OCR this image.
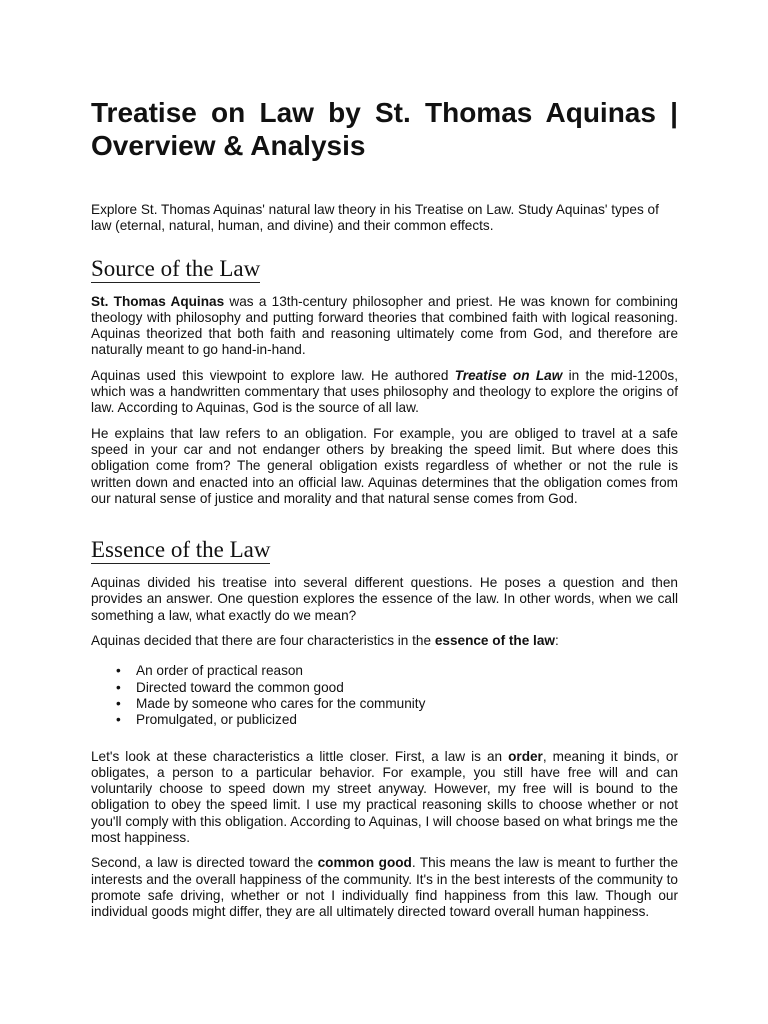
Treatise on Law by St. Thomas Aquinas | Overview & Analysis

Explore St. Thomas Aquinas' natural law theory in his Treatise on Law. Study Aquinas' types of law (eternal, natural, human, and divine) and their common effects.

Source of the Law

St. Thomas Aquinas was a 13th-century philosopher and priest. He was known for combining theology with philosophy and putting forward theories that combined faith with logical reasoning. Aquinas theorized that both faith and reasoning ultimately come from God, and therefore are naturally meant to go hand-in-hand.

Aquinas used this viewpoint to explore law. He authored Treatise on Law in the mid-1200s, which was a handwritten commentary that uses philosophy and theology to explore the origins of law. According to Aquinas, God is the source of all law.

He explains that law refers to an obligation. For example, you are obliged to travel at a safe speed in your car and not endanger others by breaking the speed limit. But where does this obligation come from? The general obligation exists regardless of whether or not the rule is written down and enacted into an official law. Aquinas determines that the obligation comes from our natural sense of justice and morality and that natural sense comes from God.

Essence of the Law

Aquinas divided his treatise into several different questions. He poses a question and then provides an answer. One question explores the essence of the law. In other words, when we call something a law, what exactly do we mean?

Aquinas decided that there are four characteristics in the essence of the law:

• An order of practical reason
• Directed toward the common good
• Made by someone who cares for the community
• Promulgated, or publicized

Let's look at these characteristics a little closer. First, a law is an order, meaning it binds, or obligates, a person to a particular behavior. For example, you still have free will and can voluntarily choose to speed down my street anyway. However, my free will is bound to the obligation to obey the speed limit. I use my practical reasoning skills to choose whether or not you'll comply with this obligation. According to Aquinas, I will choose based on what brings me the most happiness.

Second, a law is directed toward the common good. This means the law is meant to further the interests and the overall happiness of the community. It's in the best interests of the community to promote safe driving, whether or not I individually find happiness from this law. Though our individual goods might differ, they are all ultimately directed toward overall human happiness.
